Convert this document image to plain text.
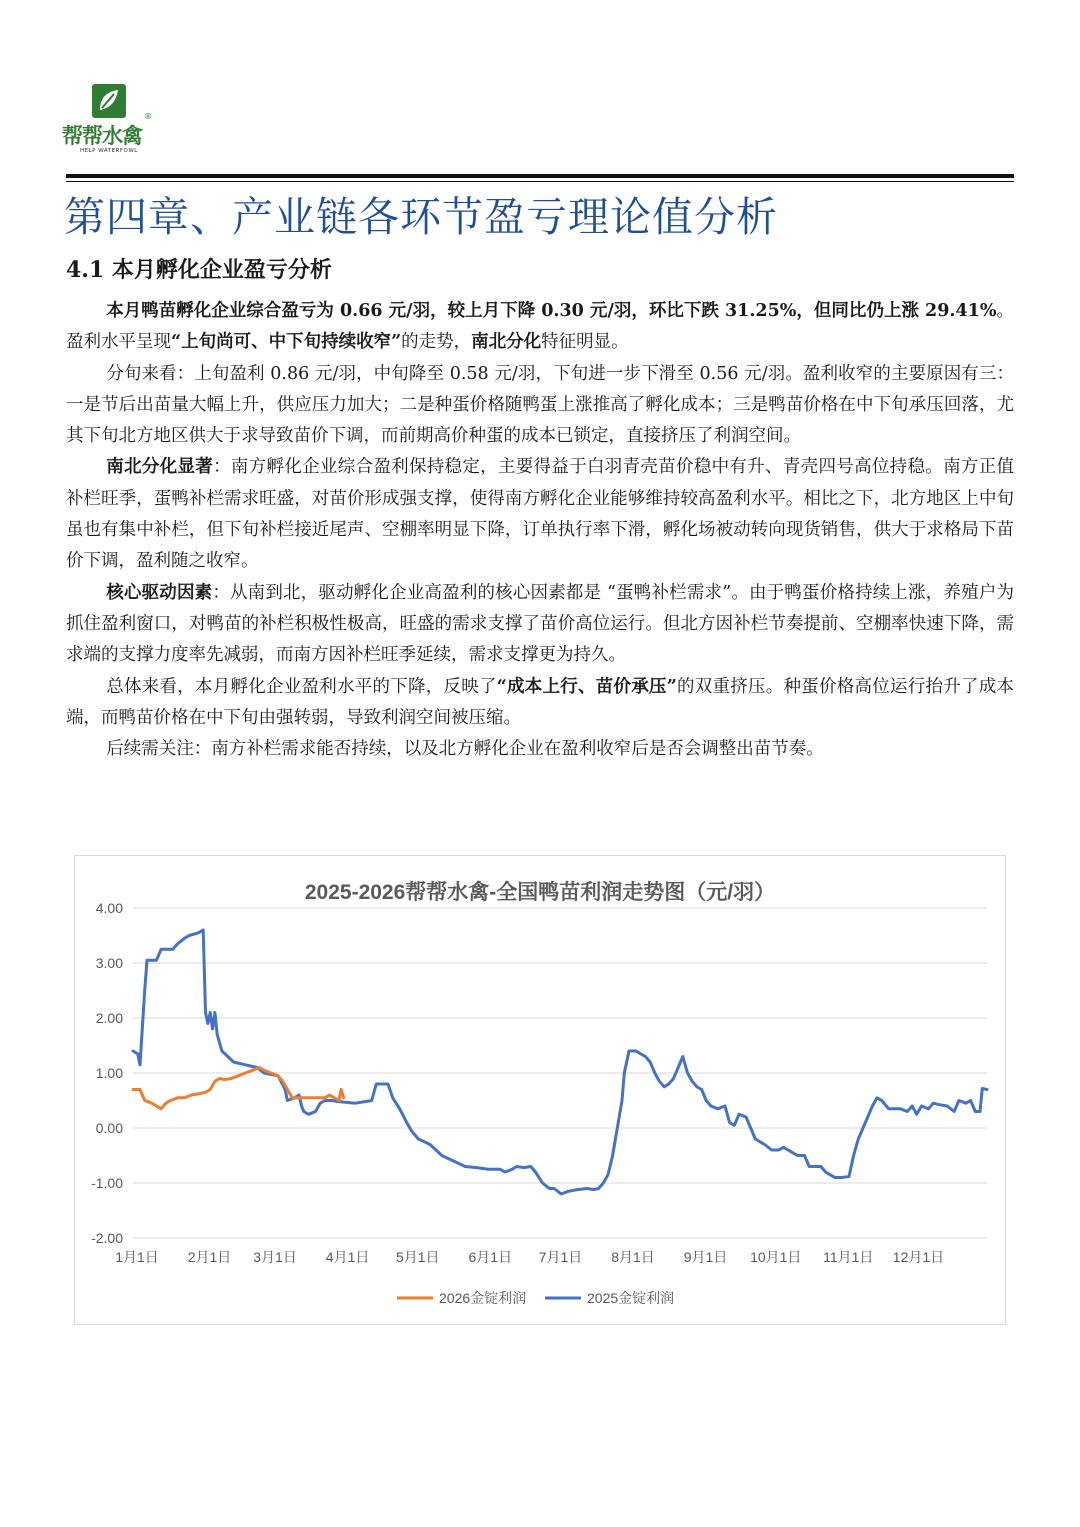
®
帮帮水禽
HELP WATERFOWL
第四章、产业链各环节盈亏理论值分析
4.1 本月孵化企业盈亏分析

本月鸭苗孵化企业综合盈亏为 0.66 元/羽，较上月下降 0.30 元/羽，环比下跌 31.25%，但同比仍上涨 29.41%。盈利水平呈现“上旬尚可、中下旬持续收窄”的走势，南北分化特征明显。

分旬来看：上旬盈利 0.86 元/羽，中旬降至 0.58 元/羽，下旬进一步下滑至 0.56 元/羽。盈利收窄的主要原因有三：一是节后出苗量大幅上升，供应压力加大；二是种蛋价格随鸭蛋上涨推高了孵化成本；三是鸭苗价格在中下旬承压回落，尤其下旬北方地区供大于求导致苗价下调，而前期高价种蛋的成本已锁定，直接挤压了利润空间。

南北分化显著：南方孵化企业综合盈利保持稳定，主要得益于白羽青壳苗价稳中有升、青壳四号高位持稳。南方正值补栏旺季，蛋鸭补栏需求旺盛，对苗价形成强支撑，使得南方孵化企业能够维持较高盈利水平。相比之下，北方地区上中旬虽也有集中补栏，但下旬补栏接近尾声、空棚率明显下降，订单执行率下滑，孵化场被动转向现货销售，供大于求格局下苗价下调，盈利随之收窄。

核心驱动因素：从南到北，驱动孵化企业高盈利的核心因素都是 “蛋鸭补栏需求”。由于鸭蛋价格持续上涨，养殖户为抓住盈利窗口，对鸭苗的补栏积极性极高，旺盛的需求支撑了苗价高位运行。但北方因补栏节奏提前、空棚率快速下降，需求端的支撑力度率先减弱，而南方因补栏旺季延续，需求支撑更为持久。

总体来看，本月孵化企业盈利水平的下降，反映了“成本上行、苗价承压”的双重挤压。种蛋价格高位运行抬升了成本端，而鸭苗价格在中下旬由强转弱，导致利润空间被压缩。

后续需关注：南方补栏需求能否持续，以及北方孵化企业在盈利收窄后是否会调整出苗节奏。

2025-2026帮帮水禽-全国鸭苗利润走势图（元/羽）
4.00
3.00
2.00
1.00
0.00
-1.00
-2.00
1月1日 2月1日 3月1日 4月1日 5月1日 6月1日 7月1日 8月1日 9月1日 10月1日 11月1日 12月1日
2026金锭利润	2025金锭利润
